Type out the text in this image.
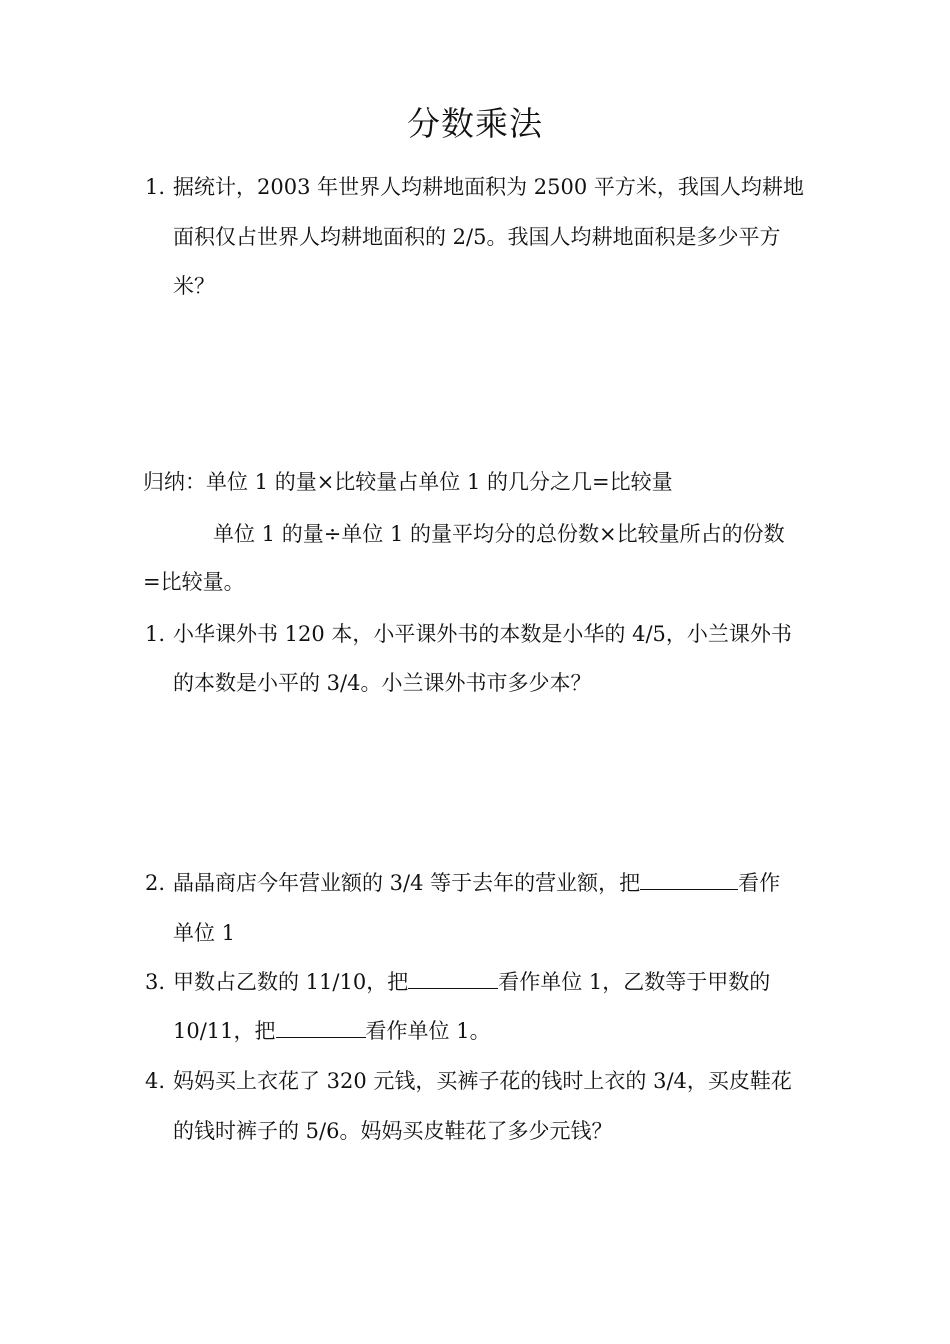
分数乘法
1. 据统计，2003 年世界人均耕地面积为 2500 平方米，我国人均耕地
面积仅占世界人均耕地面积的 2/5。我国人均耕地面积是多少平方
米？
归纳：单位 1 的量×比较量占单位 1 的几分之几=比较量
单位 1 的量÷单位 1 的量平均分的总份数×比较量所占的份数
=比较量。
1. 小华课外书 120 本，小平课外书的本数是小华的 4/5，小兰课外书
的本数是小平的 3/4。小兰课外书市多少本？
2. 晶晶商店今年营业额的 3/4 等于去年的营业额，把	看作
单位 1
3. 甲数占乙数的 11/10，把	看作单位 1，乙数等于甲数的
10/11，把	看作单位 1。
4. 妈妈买上衣花了 320 元钱，买裤子花的钱时上衣的 3/4，买皮鞋花
的钱时裤子的 5/6。妈妈买皮鞋花了多少元钱？
